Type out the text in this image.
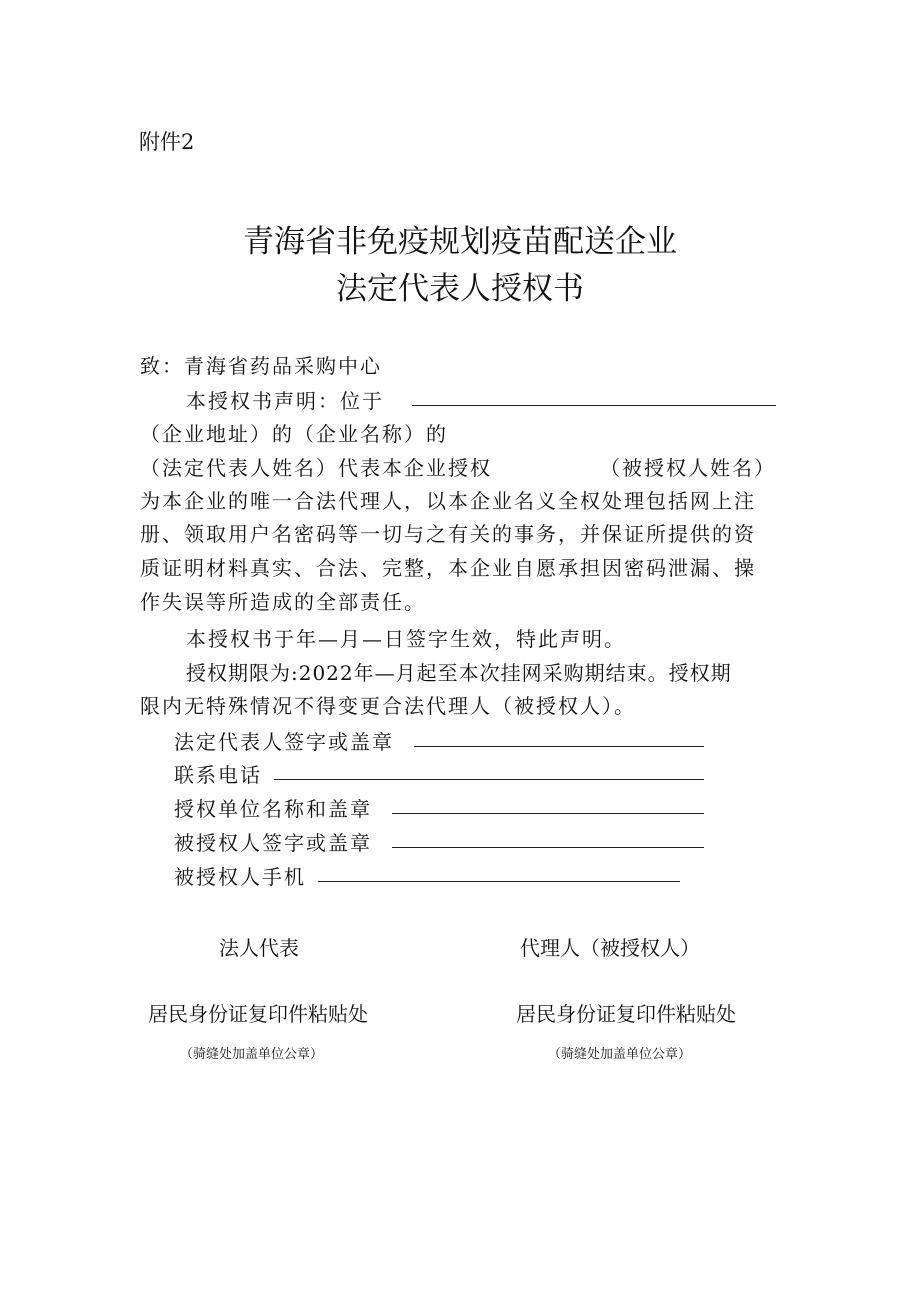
附件2
青海省非免疫规划疫苗配送企业
法定代表人授权书
致：青海省药品采购中心
本授权书声明：位于
（企业地址）的（企业名称）的
（法定代表人姓名）代表本企业授权	（被授权人姓名）
为本企业的唯一合法代理人，以本企业名义全权处理包括网上注
册、领取用户名密码等一切与之有关的事务，并保证所提供的资
质证明材料真实、合法、完整，本企业自愿承担因密码泄漏、操
作失误等所造成的全部责任。
本授权书于年—月—日签字生效，特此声明。
授权期限为:2022年—月起至本次挂网采购期结束。授权期
限内无特殊情况不得变更合法代理人（被授权人）。
法定代表人签字或盖章
联系电话
授权单位名称和盖章
被授权人签字或盖章
被授权人手机
法人代表
居民身份证复印件粘贴处
（骑缝处加盖单位公章）
代理人（被授权人）
居民身份证复印件粘贴处
（骑缝处加盖单位公章）
